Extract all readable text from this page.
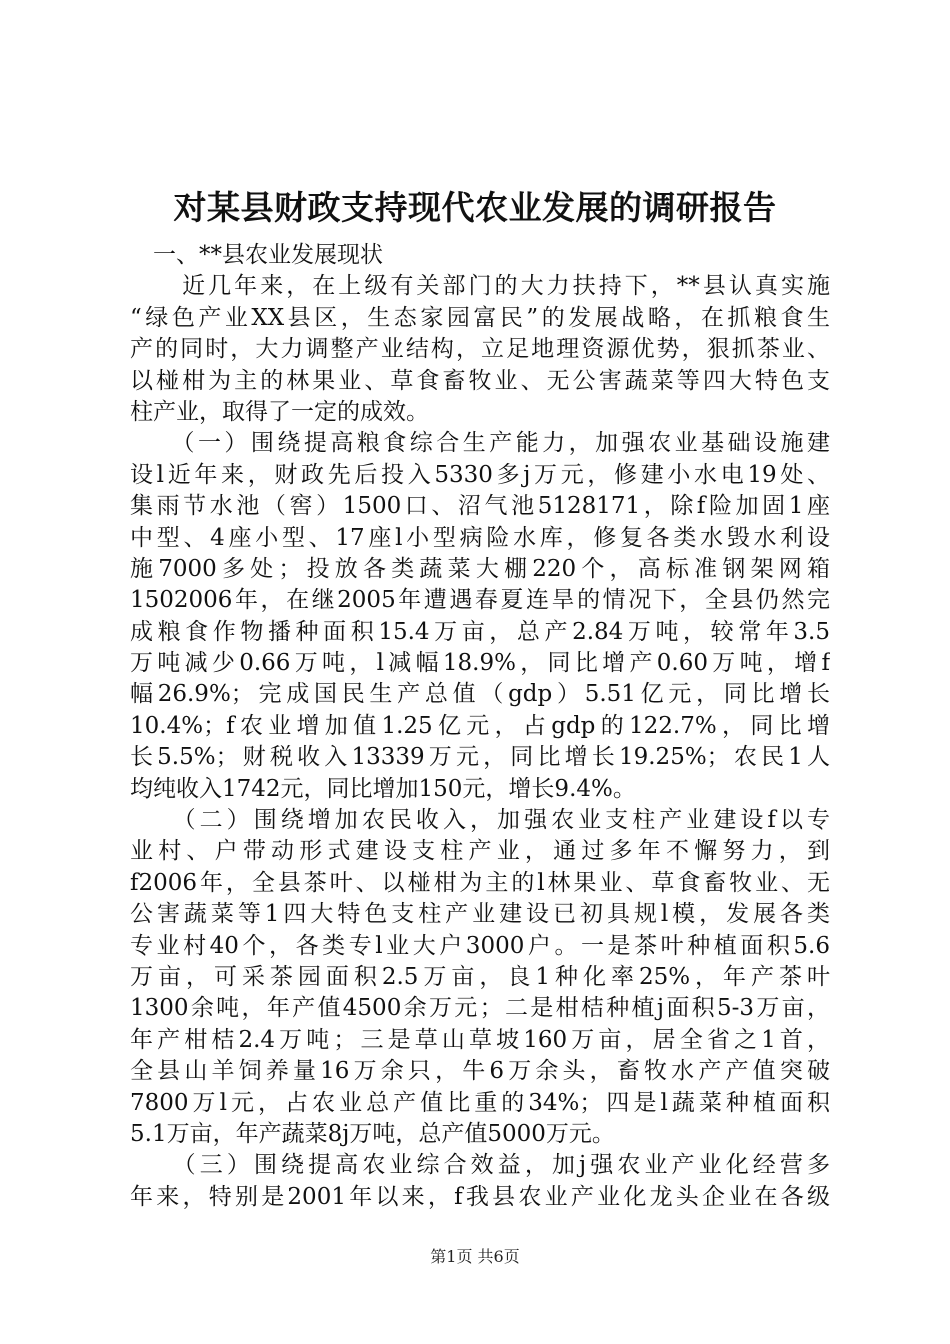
对某县财政支持现代农业发展的调研报告
　一、**县农业发展现状
　　近几年来，在上级有关部门的大力扶持下，**县认真实施
“绿色产业XX县区，生态家园富民”的发展战略，在抓粮食生
产的同时，大力调整产业结构，立足地理资源优势，狠抓茶业、
以椪柑为主的林果业、草食畜牧业、无公害蔬菜等四大特色支
柱产业，取得了一定的成效。
　　（一）围绕提高粮食综合生产能力，加强农业基础设施建
设l近年来，财政先后投入5330多j万元，修建小水电19处、
集雨节水池（窖）1500口、沼气池5128171，除f险加固1座
中型、4座小型、17座l小型病险水库，修复各类水毁水利设
施7000多处；投放各类蔬菜大棚220个，高标准钢架网箱
1502006年，在继2005年遭遇春夏连旱的情况下，全县仍然完
成粮食作物播种面积15.4万亩，总产2.84万吨，较常年3.5
万吨减少0.66万吨，l减幅18.9%，同比增产0.60万吨，增f
幅26.9%；完成国民生产总值（gdp）5.51亿元，同比增长
10.4%；f农业增加值1.25亿元，占gdp的122.7%，同比增
长5.5%；财税收入13339万元，同比增长19.25%；农民1人
均纯收入1742元，同比增加150元，增长9.4%。
　　（二）围绕增加农民收入，加强农业支柱产业建设f以专
业村、户带动形式建设支柱产业，通过多年不懈努力，到
f2006年，全县茶叶、以椪柑为主的l林果业、草食畜牧业、无
公害蔬菜等1四大特色支柱产业建设已初具规l模，发展各类
专业村40个，各类专l业大户3000户。一是茶叶种植面积5.6
万亩，可采茶园面积2.5万亩，良1种化率25%，年产茶叶
1300余吨，年产值4500余万元；二是柑桔种植j面积5-3万亩，
年产柑桔2.4万吨；三是草山草坡160万亩，居全省之1首，
全县山羊饲养量16万余只，牛6万余头，畜牧水产产值突破
7800万l元，占农业总产值比重的34%；四是l蔬菜种植面积
5.1万亩，年产蔬菜8j万吨，总产值5000万元。
　　（三）围绕提高农业综合效益，加j强农业产业化经营多
年来，特别是2001年以来，f我县农业产业化龙头企业在各级
第1页 共6页
